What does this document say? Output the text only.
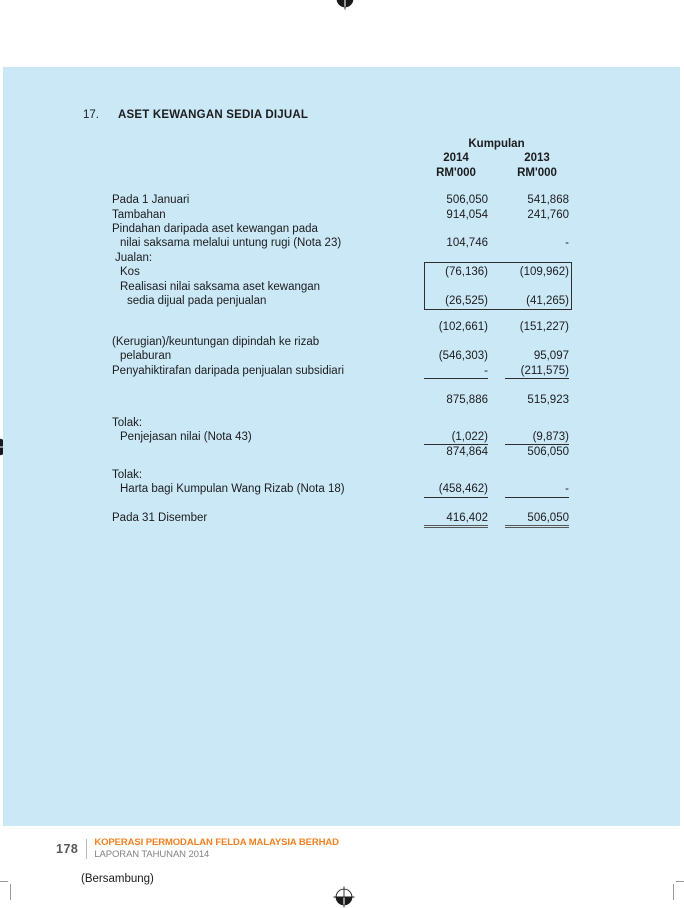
17.	ASET KEWANGAN SEDIA DIJUAL
Kumpulan
2014	2013
RM'000	RM'000
Pada 1 Januari	506,050	541,868
Tambahan	914,054	241,760
Pindahan daripada aset kewangan pada
nilai saksama melalui untung rugi (Nota 23)	104,746	-
Jualan:
Kos	(76,136)	(109,962)
Realisasi nilai saksama aset kewangan
sedia dijual pada penjualan	(26,525)	(41,265)
(102,661)	(151,227)
(Kerugian)/keuntungan dipindah ke rizab
pelaburan	(546,303)	95,097
Penyahiktirafan daripada penjualan subsidiari	-	(211,575)
875,886	515,923
Tolak:
Penjejasan nilai (Nota 43)	(1,022)	(9,873)
874,864	506,050
Tolak:
Harta bagi Kumpulan Wang Rizab (Nota 18)	(458,462)	-
Pada 31 Disember	416,402	506,050
(Bersambung)
178 KOPERASI PERMODALAN FELDA MALAYSIA BERHAD
LAPORAN TAHUNAN 2014
